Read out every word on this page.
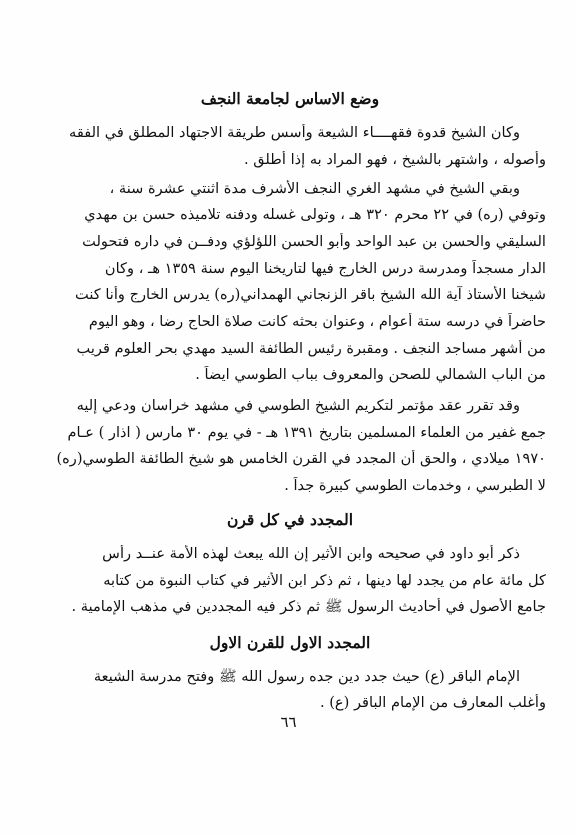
وضع الاساس لجامعة النجف
وكان الشيخ قدوة فقهــــاء الشيعة وأسس طريقة الاجتهاد المطلق في الفقه
وأصوله ، واشتهر بالشيخ ، فهو المراد به إذا أطلق .
وبقي الشيخ في مشهد الغري النجف الأشرف مدة اثنتي عشرة سنة ،
وتوفي (ره) في ٢٢ محرم ٣٢٠ هـ ، وتولى غسله ودفنه تلاميذه حسن بن مهدي
السليقي والحسن بن عبد الواحد وأبو الحسن اللؤلؤي ودفــن في داره فتحولت
الدار مسجداً ومدرسة درس الخارج فيها لتاريخنا اليوم سنة ١٣٥٩ هـ ، وكان
شيخنا الأستاذ آية الله الشيخ باقر الزنجاني الهمداني(ره) يدرس الخارج وأنا كنت
حاضراً في درسه ستة أعوام ، وعنوان بحثه كانت صلاة الحاج رضا ، وهو اليوم
من أشهر مساجد النجف . ومقبرة رئيس الطائفة السيد مهدي بحر العلوم قريب
من الباب الشمالي للصحن والمعروف بباب الطوسي ايضاً .
وقد تقرر عقد مؤتمر لتكريم الشيخ الطوسي في مشهد خراسان ودعي إليه
جمع غفير من العلماء المسلمين بتاريخ ١٣٩١ هـ - في يوم ٣٠ مارس ( اذار ) عـام
١٩٧٠ ميلادي ، والحق أن المجدد في القرن الخامس هو شيخ الطائفة الطوسي(ره)
لا الطبرسي ، وخدمات الطوسي كبيرة جداً .
المجدد في كل قرن
ذكر أبو داود في صحيحه وابن الأثير إن الله يبعث لهذه الأمة عنــد رأس
كل مائة عام من يجدد لها دينها ، ثم ذكر ابن الأثير في كتاب النبوة من كتابه
جامع الأصول في أحاديث الرسول ﷺ ثم ذكر فيه المجددين في مذهب الإمامية .
المجدد الاول للقرن الاول
الإمام الباقر (ع) حيث جدد دين جده رسول الله ﷺ وفتح مدرسة الشيعة
وأغلب المعارف من الإمام الباقر (ع) .
٦٦
